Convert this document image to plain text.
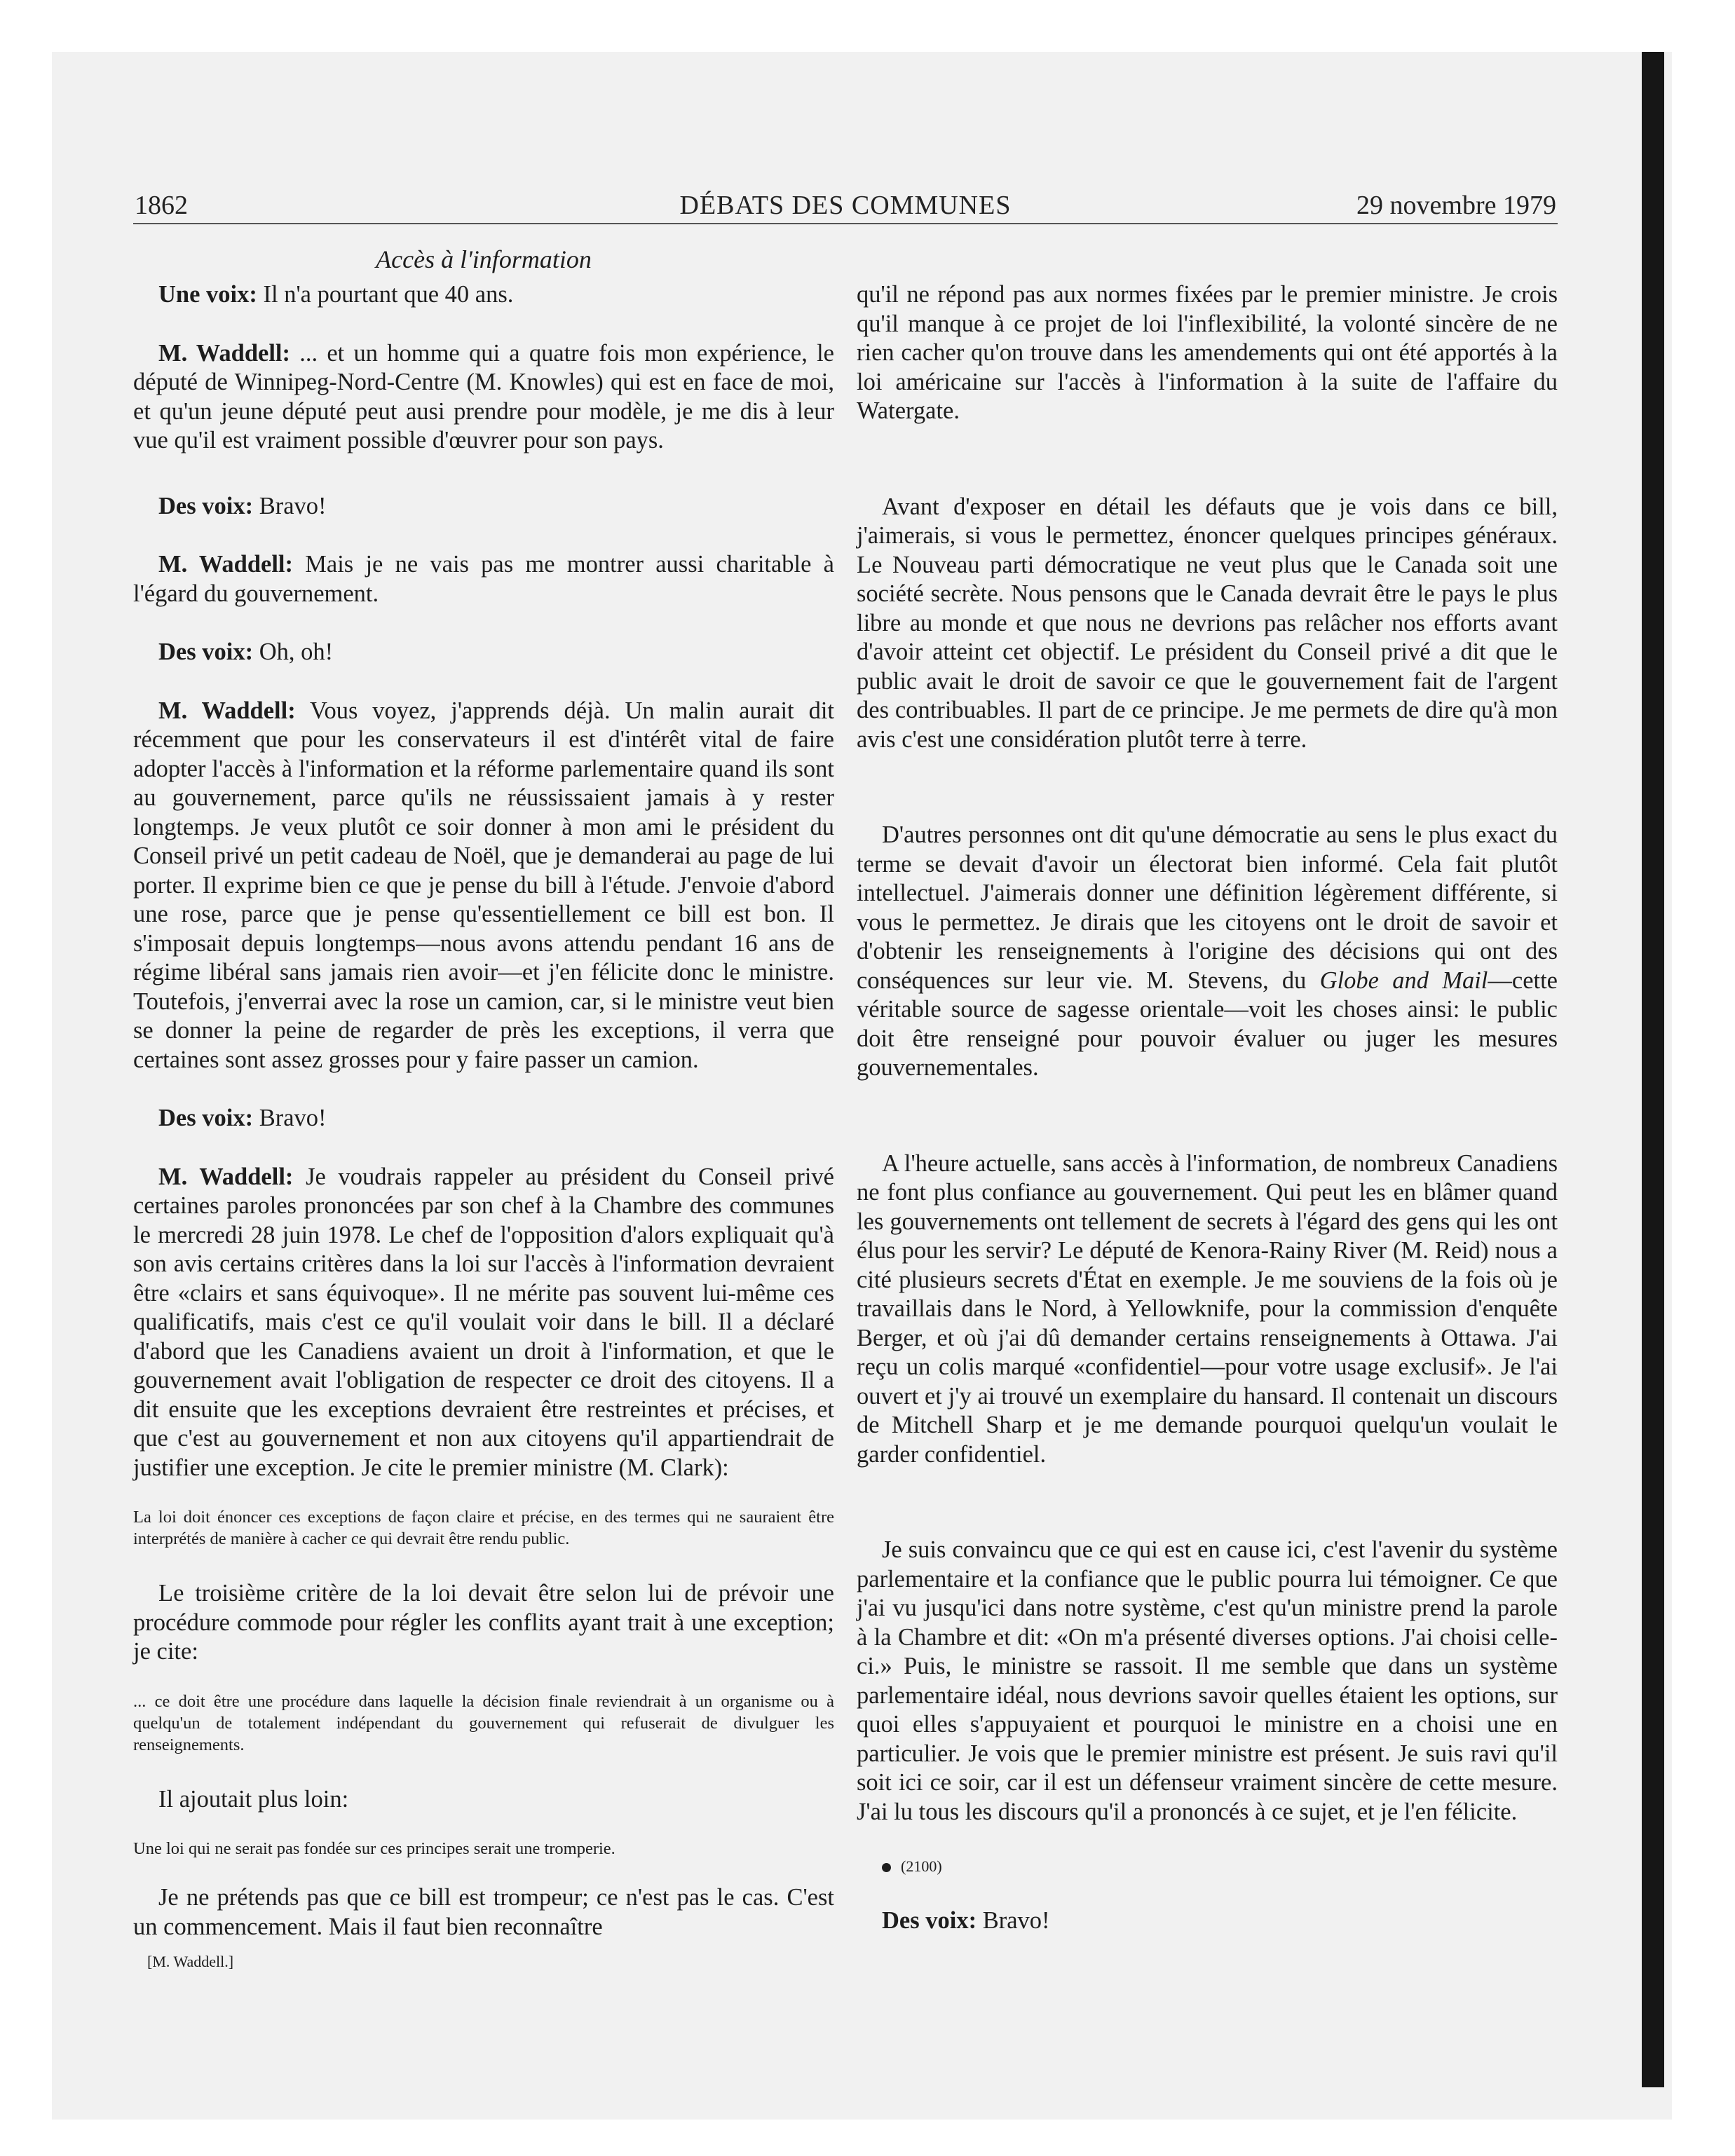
1862	DÉBATS DES COMMUNES	29 novembre 1979
Accès à l'information

Une voix: Il n'a pourtant que 40 ans.

M. Waddell: ... et un homme qui a quatre fois mon expérience, le député de Winnipeg-Nord-Centre (M. Knowles) qui est en face de moi, et qu'un jeune député peut ausi prendre pour modèle, je me dis à leur vue qu'il est vraiment possible d'œuvrer pour son pays.

Des voix: Bravo!

M. Waddell: Mais je ne vais pas me montrer aussi charitable à l'égard du gouvernement.

Des voix: Oh, oh!

M. Waddell: Vous voyez, j'apprends déjà. Un malin aurait dit récemment que pour les conservateurs il est d'intérêt vital de faire adopter l'accès à l'information et la réforme parlementaire quand ils sont au gouvernement, parce qu'ils ne réussissaient jamais à y rester longtemps. Je veux plutôt ce soir donner à mon ami le président du Conseil privé un petit cadeau de Noël, que je demanderai au page de lui porter. Il exprime bien ce que je pense du bill à l'étude. J'envoie d'abord une rose, parce que je pense qu'essentiellement ce bill est bon. Il s'imposait depuis longtemps—nous avons attendu pendant 16 ans de régime libéral sans jamais rien avoir—et j'en félicite donc le ministre. Toutefois, j'enverrai avec la rose un camion, car, si le ministre veut bien se donner la peine de regarder de près les exceptions, il verra que certaines sont assez grosses pour y faire passer un camion.

Des voix: Bravo!

M. Waddell: Je voudrais rappeler au président du Conseil privé certaines paroles prononcées par son chef à la Chambre des communes le mercredi 28 juin 1978. Le chef de l'opposition d'alors expliquait qu'à son avis certains critères dans la loi sur l'accès à l'information devraient être «clairs et sans équivoque». Il ne mérite pas souvent lui-même ces qualificatifs, mais c'est ce qu'il voulait voir dans le bill. Il a déclaré d'abord que les Canadiens avaient un droit à l'information, et que le gouvernement avait l'obligation de respecter ce droit des citoyens. Il a dit ensuite que les exceptions devraient être restreintes et précises, et que c'est au gouvernement et non aux citoyens qu'il appartiendrait de justifier une exception. Je cite le premier ministre (M. Clark):

La loi doit énoncer ces exceptions de façon claire et précise, en des termes qui ne sauraient être interprétés de manière à cacher ce qui devrait être rendu public.

Le troisième critère de la loi devait être selon lui de prévoir une procédure commode pour régler les conflits ayant trait à une exception; je cite:

... ce doit être une procédure dans laquelle la décision finale reviendrait à un organisme ou à quelqu'un de totalement indépendant du gouvernement qui refuserait de divulguer les renseignements.

Il ajoutait plus loin:

Une loi qui ne serait pas fondée sur ces principes serait une tromperie.

Je ne prétends pas que ce bill est trompeur; ce n'est pas le cas. C'est un commencement. Mais il faut bien reconnaître

[M. Waddell.]

qu'il ne répond pas aux normes fixées par le premier ministre. Je crois qu'il manque à ce projet de loi l'inflexibilité, la volonté sincère de ne rien cacher qu'on trouve dans les amendements qui ont été apportés à la loi américaine sur l'accès à l'information à la suite de l'affaire du Watergate.

Avant d'exposer en détail les défauts que je vois dans ce bill, j'aimerais, si vous le permettez, énoncer quelques principes généraux. Le Nouveau parti démocratique ne veut plus que le Canada soit une société secrète. Nous pensons que le Canada devrait être le pays le plus libre au monde et que nous ne devrions pas relâcher nos efforts avant d'avoir atteint cet objectif. Le président du Conseil privé a dit que le public avait le droit de savoir ce que le gouvernement fait de l'argent des contribuables. Il part de ce principe. Je me permets de dire qu'à mon avis c'est une considération plutôt terre à terre.

D'autres personnes ont dit qu'une démocratie au sens le plus exact du terme se devait d'avoir un électorat bien informé. Cela fait plutôt intellectuel. J'aimerais donner une définition légèrement différente, si vous le permettez. Je dirais que les citoyens ont le droit de savoir et d'obtenir les renseignements à l'origine des décisions qui ont des conséquences sur leur vie. M. Stevens, du Globe and Mail—cette véritable source de sagesse orientale—voit les choses ainsi: le public doit être renseigné pour pouvoir évaluer ou juger les mesures gouvernementales.

A l'heure actuelle, sans accès à l'information, de nombreux Canadiens ne font plus confiance au gouvernement. Qui peut les en blâmer quand les gouvernements ont tellement de secrets à l'égard des gens qui les ont élus pour les servir? Le député de Kenora-Rainy River (M. Reid) nous a cité plusieurs secrets d'État en exemple. Je me souviens de la fois où je travaillais dans le Nord, à Yellowknife, pour la commission d'enquête Berger, et où j'ai dû demander certains renseignements à Ottawa. J'ai reçu un colis marqué «confidentiel—pour votre usage exclusif». Je l'ai ouvert et j'y ai trouvé un exemplaire du hansard. Il contenait un discours de Mitchell Sharp et je me demande pourquoi quelqu'un voulait le garder confidentiel.

Je suis convaincu que ce qui est en cause ici, c'est l'avenir du système parlementaire et la confiance que le public pourra lui témoigner. Ce que j'ai vu jusqu'ici dans notre système, c'est qu'un ministre prend la parole à la Chambre et dit: «On m'a présenté diverses options. J'ai choisi celle-ci.» Puis, le ministre se rassoit. Il me semble que dans un système parlementaire idéal, nous devrions savoir quelles étaient les options, sur quoi elles s'appuyaient et pourquoi le ministre en a choisi une en particulier. Je vois que le premier ministre est présent. Je suis ravi qu'il soit ici ce soir, car il est un défenseur vraiment sincère de cette mesure. J'ai lu tous les discours qu'il a prononcés à ce sujet, et je l'en félicite.

(2100)

Des voix: Bravo!
